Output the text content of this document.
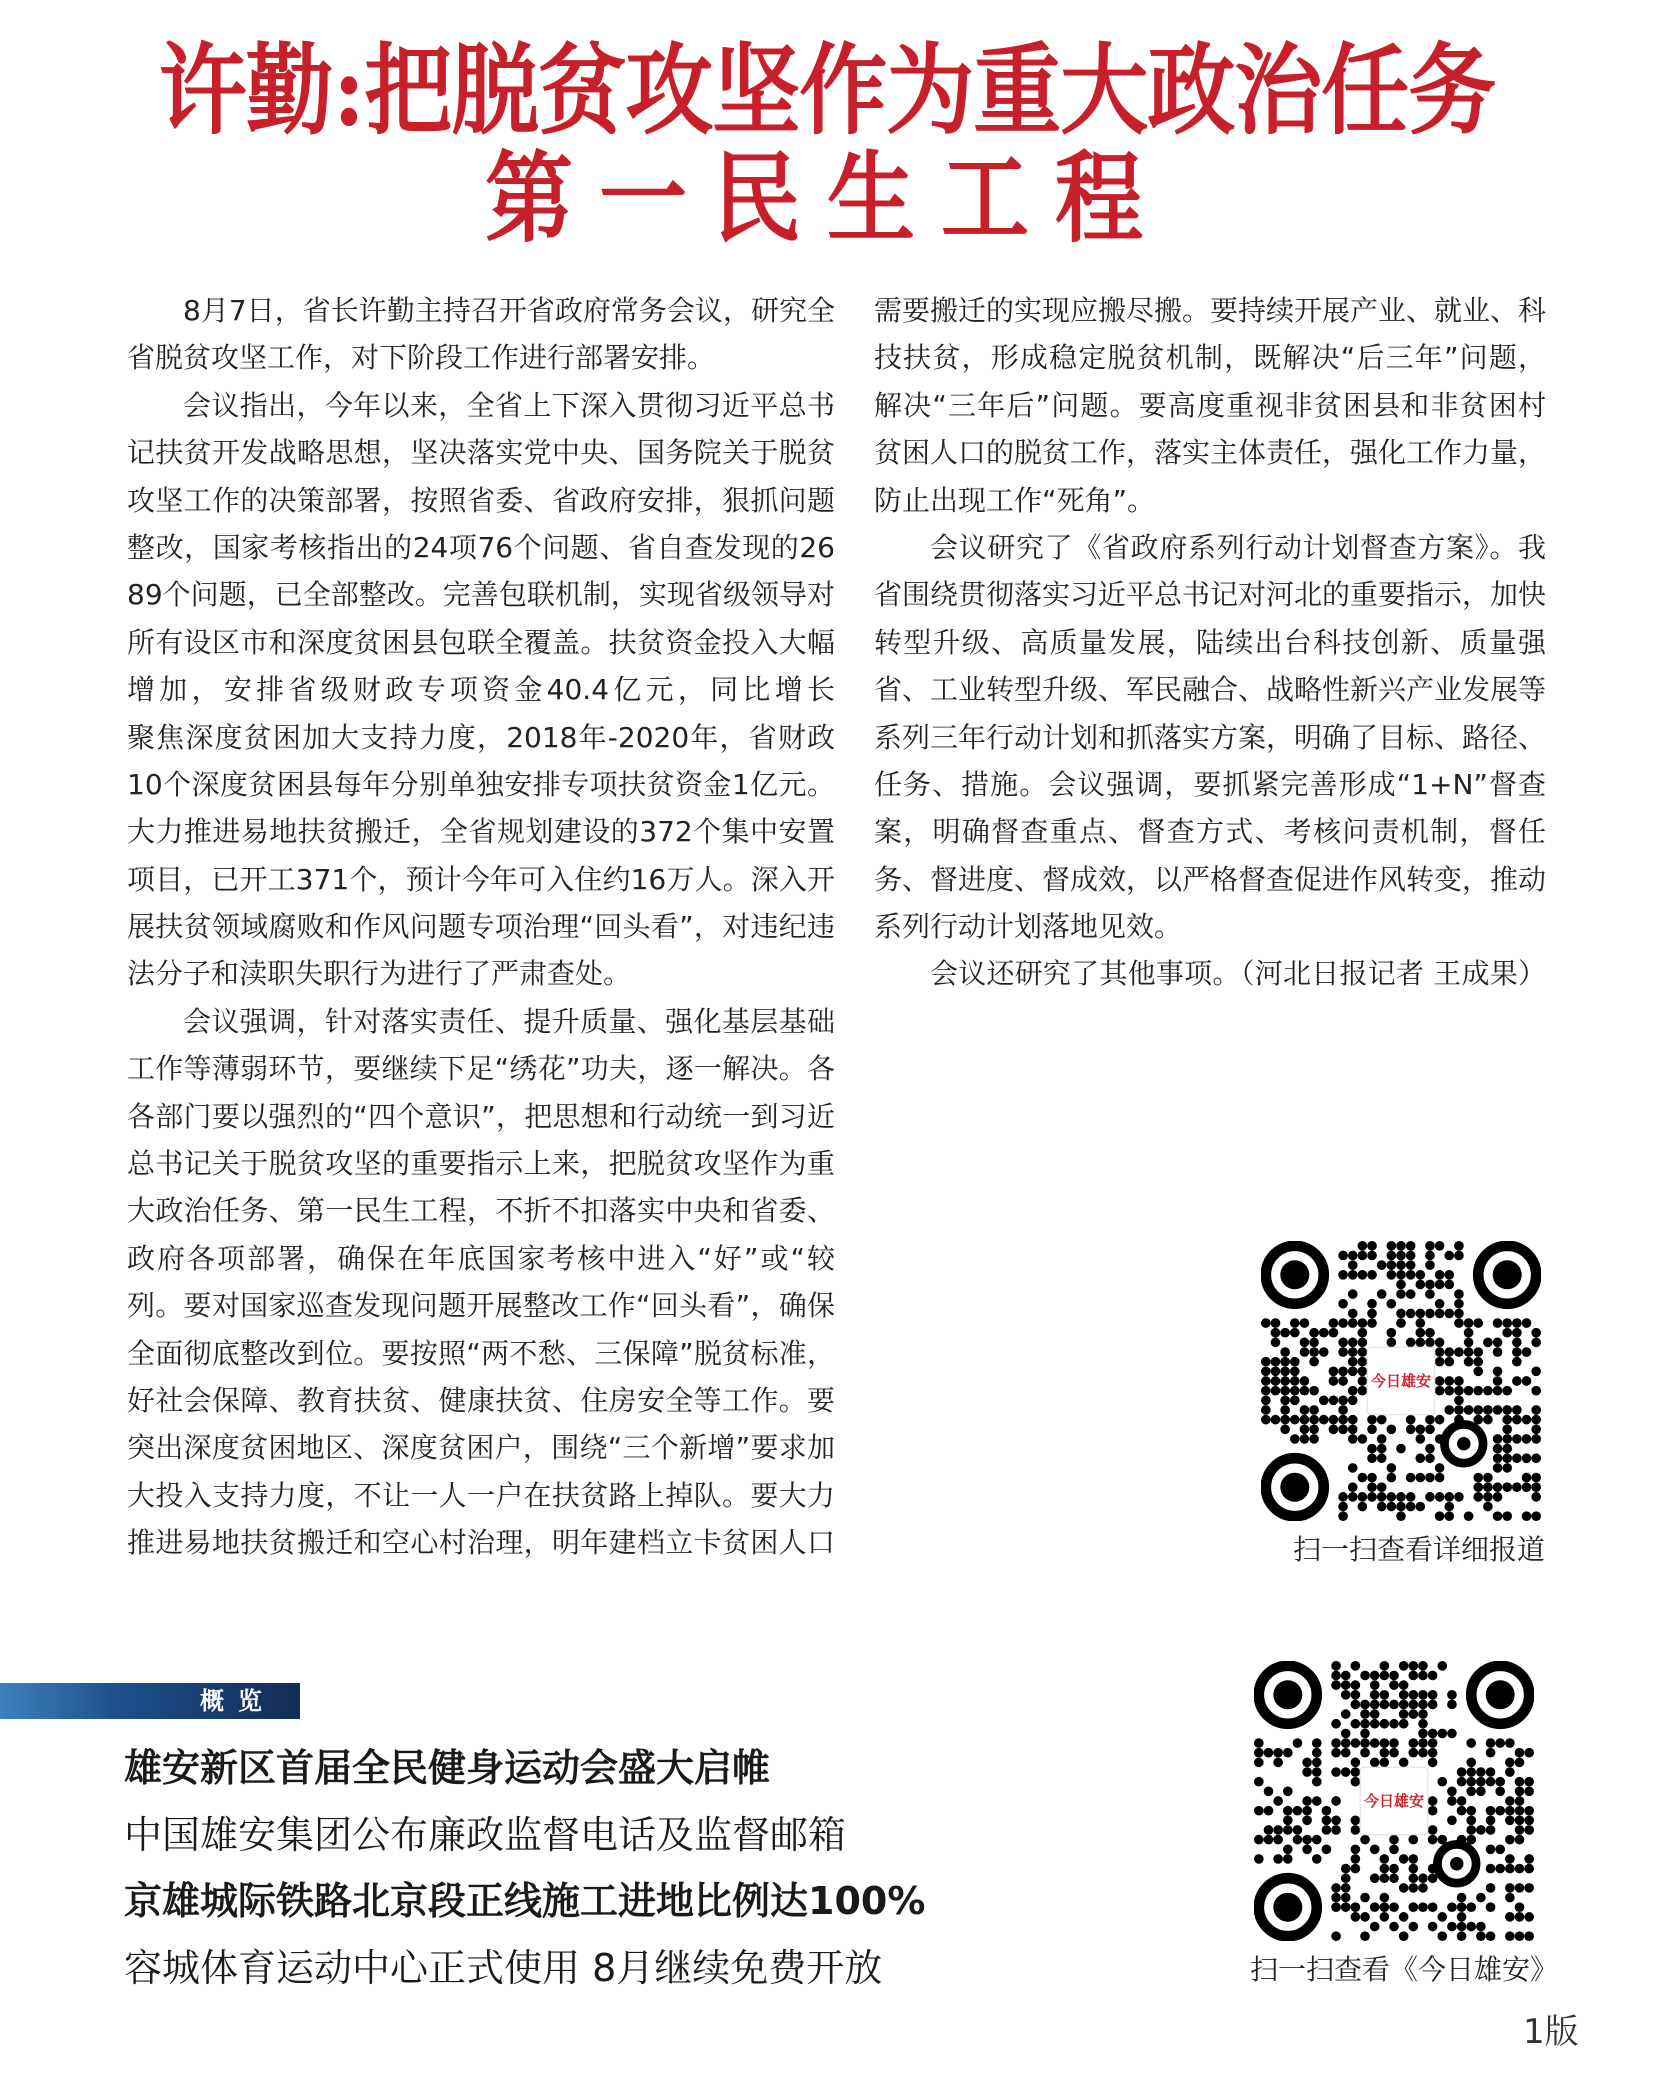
许勤:把脱贫攻坚作为重大政治任务
第一民生工程
8月7日，省长许勤主持召开省政府常务会议，研究全
省脱贫攻坚工作，对下阶段工作进行部署安排。
会议指出，今年以来，全省上下深入贯彻习近平总书
记扶贫开发战略思想，坚决落实党中央、国务院关于脱贫
攻坚工作的决策部署，按照省委、省政府安排，狠抓问题
整改，国家考核指出的24项76个问题、省自查发现的26
89个问题，已全部整改。完善包联机制，实现省级领导对
所有设区市和深度贫困县包联全覆盖。扶贫资金投入大幅
增加，安排省级财政专项资金40.4亿元，同比增长
聚焦深度贫困加大支持力度，2018年-2020年，省财政
10个深度贫困县每年分别单独安排专项扶贫资金1亿元。
大力推进易地扶贫搬迁，全省规划建设的372个集中安置
项目，已开工371个，预计今年可入住约16万人。深入开
展扶贫领域腐败和作风问题专项治理“回头看”，对违纪违
法分子和渎职失职行为进行了严肃查处。
会议强调，针对落实责任、提升质量、强化基层基础
工作等薄弱环节，要继续下足“绣花”功夫，逐一解决。各
各部门要以强烈的“四个意识”，把思想和行动统一到习近
总书记关于脱贫攻坚的重要指示上来，把脱贫攻坚作为重
大政治任务、第一民生工程，不折不扣落实中央和省委、
政府各项部署，确保在年底国家考核中进入“好”或“较
列。要对国家巡查发现问题开展整改工作“回头看”，确保
全面彻底整改到位。要按照“两不愁、三保障”脱贫标准，
好社会保障、教育扶贫、健康扶贫、住房安全等工作。要
突出深度贫困地区、深度贫困户，围绕“三个新增”要求加
大投入支持力度，不让一人一户在扶贫路上掉队。要大力
推进易地扶贫搬迁和空心村治理，明年建档立卡贫困人口
需要搬迁的实现应搬尽搬。要持续开展产业、就业、科
技扶贫，形成稳定脱贫机制，既解决“后三年”问题，
解决“三年后”问题。要高度重视非贫困县和非贫困村
贫困人口的脱贫工作，落实主体责任，强化工作力量，
防止出现工作“死角”。
会议研究了《省政府系列行动计划督查方案》。我
省围绕贯彻落实习近平总书记对河北的重要指示，加快
转型升级、高质量发展，陆续出台科技创新、质量强
省、工业转型升级、军民融合、战略性新兴产业发展等
系列三年行动计划和抓落实方案，明确了目标、路径、
任务、措施。会议强调，要抓紧完善形成“1+N”督查
案，明确督查重点、督查方式、考核问责机制，督任
务、督进度、督成效，以严格督查促进作风转变，推动
系列行动计划落地见效。
会议还研究了其他事项。（河北日报记者 王成果）
今日雄安
扫一扫查看详细报道
今日雄安
扫一扫查看《今日雄安》
概览
雄安新区首届全民健身运动会盛大启帷
中国雄安集团公布廉政监督电话及监督邮箱
京雄城际铁路北京段正线施工进地比例达100%
容城体育运动中心正式使用 8月继续免费开放
1版
